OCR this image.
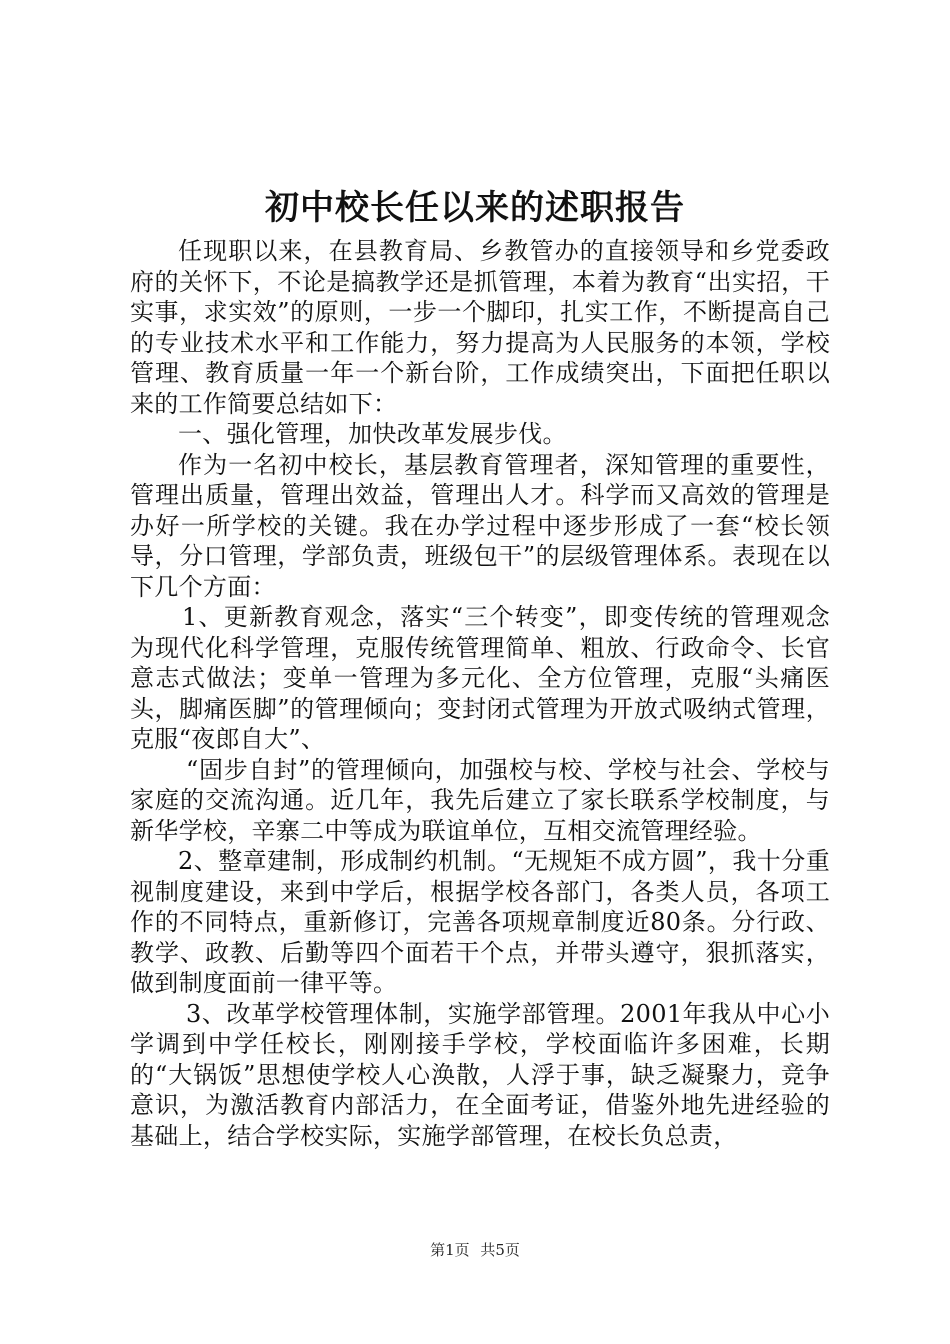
初中校长任以来的述职报告

任现职以来，在县教育局、乡教管办的直接领导和乡党委政府的关怀下，不论是搞教学还是抓管理，本着为教育“出实招，干实事，求实效”的原则，一步一个脚印，扎实工作，不断提高自己的专业技术水平和工作能力，努力提高为人民服务的本领，学校管理、教育质量一年一个新台阶，工作成绩突出，下面把任职以来的工作简要总结如下：

一、强化管理，加快改革发展步伐。

作为一名初中校长，基层教育管理者，深知管理的重要性，管理出质量，管理出效益，管理出人才。科学而又高效的管理是办好一所学校的关键。我在办学过程中逐步形成了一套“校长领导，分口管理，学部负责，班级包干”的层级管理体系。表现在以下几个方面：

1、更新教育观念，落实“三个转变”，即变传统的管理观念为现代化科学管理，克服传统管理简单、粗放、行政命令、长官意志式做法；变单一管理为多元化、全方位管理，克服“头痛医头，脚痛医脚”的管理倾向；变封闭式管理为开放式吸纳式管理，克服“夜郎自大”、

“固步自封”的管理倾向，加强校与校、学校与社会、学校与家庭的交流沟通。近几年，我先后建立了家长联系学校制度，与新华学校，辛寨二中等成为联谊单位，互相交流管理经验。

2、整章建制，形成制约机制。“无规矩不成方圆”，我十分重视制度建设，来到中学后，根据学校各部门，各类人员，各项工作的不同特点，重新修订，完善各项规章制度近80条。分行政、教学、政教、后勤等四个面若干个点，并带头遵守，狠抓落实，做到制度面前一律平等。

3、改革学校管理体制，实施学部管理。2001年我从中心小学调到中学任校长，刚刚接手学校，学校面临许多困难，长期的“大锅饭”思想使学校人心涣散，人浮于事，缺乏凝聚力，竞争意识，为激活教育内部活力，在全面考证，借鉴外地先进经验的基础上，结合学校实际，实施学部管理，在校长负总责，

第1页 共5页
